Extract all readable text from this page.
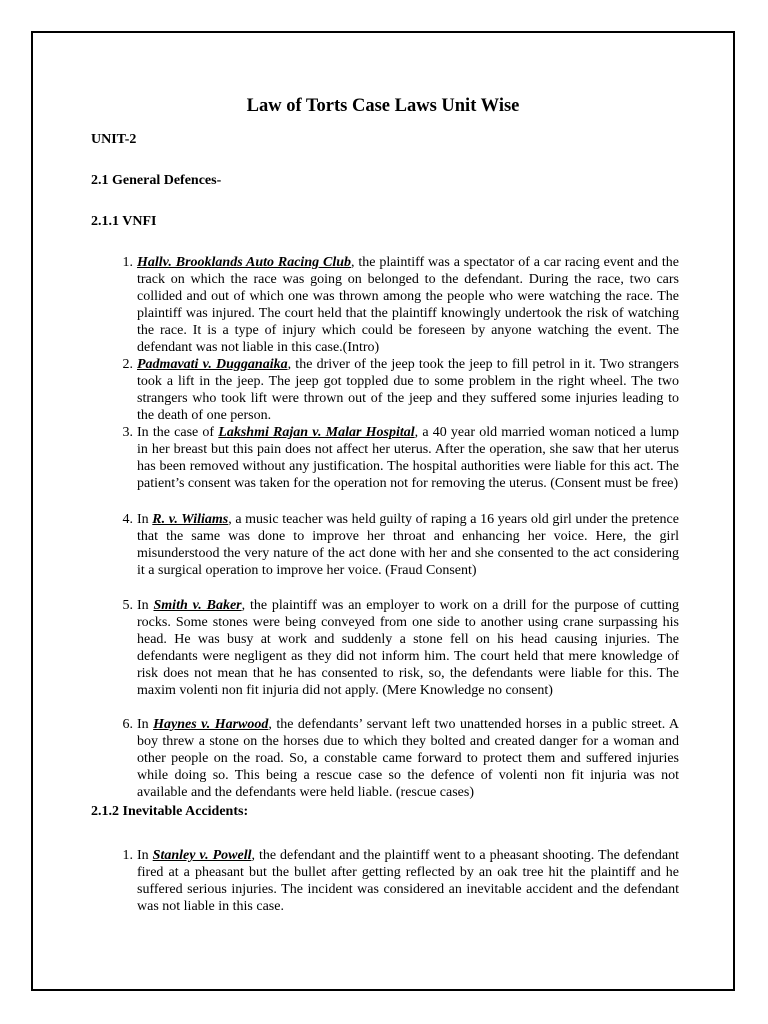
Law of Torts Case Laws Unit Wise

UNIT-2

2.1 General Defences-

2.1.1 VNFI

1. Hallv. Brooklands Auto Racing Club, the plaintiff was a spectator of a car racing event and the track on which the race was going on belonged to the defendant. During the race, two cars collided and out of which one was thrown among the people who were watching the race. The plaintiff was injured. The court held that the plaintiff knowingly undertook the risk of watching the race. It is a type of injury which could be foreseen by anyone watching the event. The defendant was not liable in this case.(Intro)
2. Padmavati v. Dugganaika, the driver of the jeep took the jeep to fill petrol in it. Two strangers took a lift in the jeep. The jeep got toppled due to some problem in the right wheel. The two strangers who took lift were thrown out of the jeep and they suffered some injuries leading to the death of one person.
3. In the case of Lakshmi Rajan v. Malar Hospital, a 40 year old married woman noticed a lump in her breast but this pain does not affect her uterus. After the operation, she saw that her uterus has been removed without any justification. The hospital authorities were liable for this act. The patient’s consent was taken for the operation not for removing the uterus. (Consent must be free)
4. In R. v. Wiliams, a music teacher was held guilty of raping a 16 years old girl under the pretence that the same was done to improve her throat and enhancing her voice. Here, the girl misunderstood the very nature of the act done with her and she consented to the act considering it a surgical operation to improve her voice. (Fraud Consent)
5. In Smith v. Baker, the plaintiff was an employer to work on a drill for the purpose of cutting rocks. Some stones were being conveyed from one side to another using crane surpassing his head. He was busy at work and suddenly a stone fell on his head causing injuries. The defendants were negligent as they did not inform him. The court held that mere knowledge of risk does not mean that he has consented to risk, so, the defendants were liable for this. The maxim volenti non fit injuria did not apply. (Mere Knowledge no consent)
6. In Haynes v. Harwood, the defendants’ servant left two unattended horses in a public street. A boy threw a stone on the horses due to which they bolted and created danger for a woman and other people on the road. So, a constable came forward to protect them and suffered injuries while doing so. This being a rescue case so the defence of volenti non fit injuria was not available and the defendants were held liable. (rescue cases)

2.1.2 Inevitable Accidents:

1. In Stanley v. Powell, the defendant and the plaintiff went to a pheasant shooting. The defendant fired at a pheasant but the bullet after getting reflected by an oak tree hit the plaintiff and he suffered serious injuries. The incident was considered an inevitable accident and the defendant was not liable in this case.
